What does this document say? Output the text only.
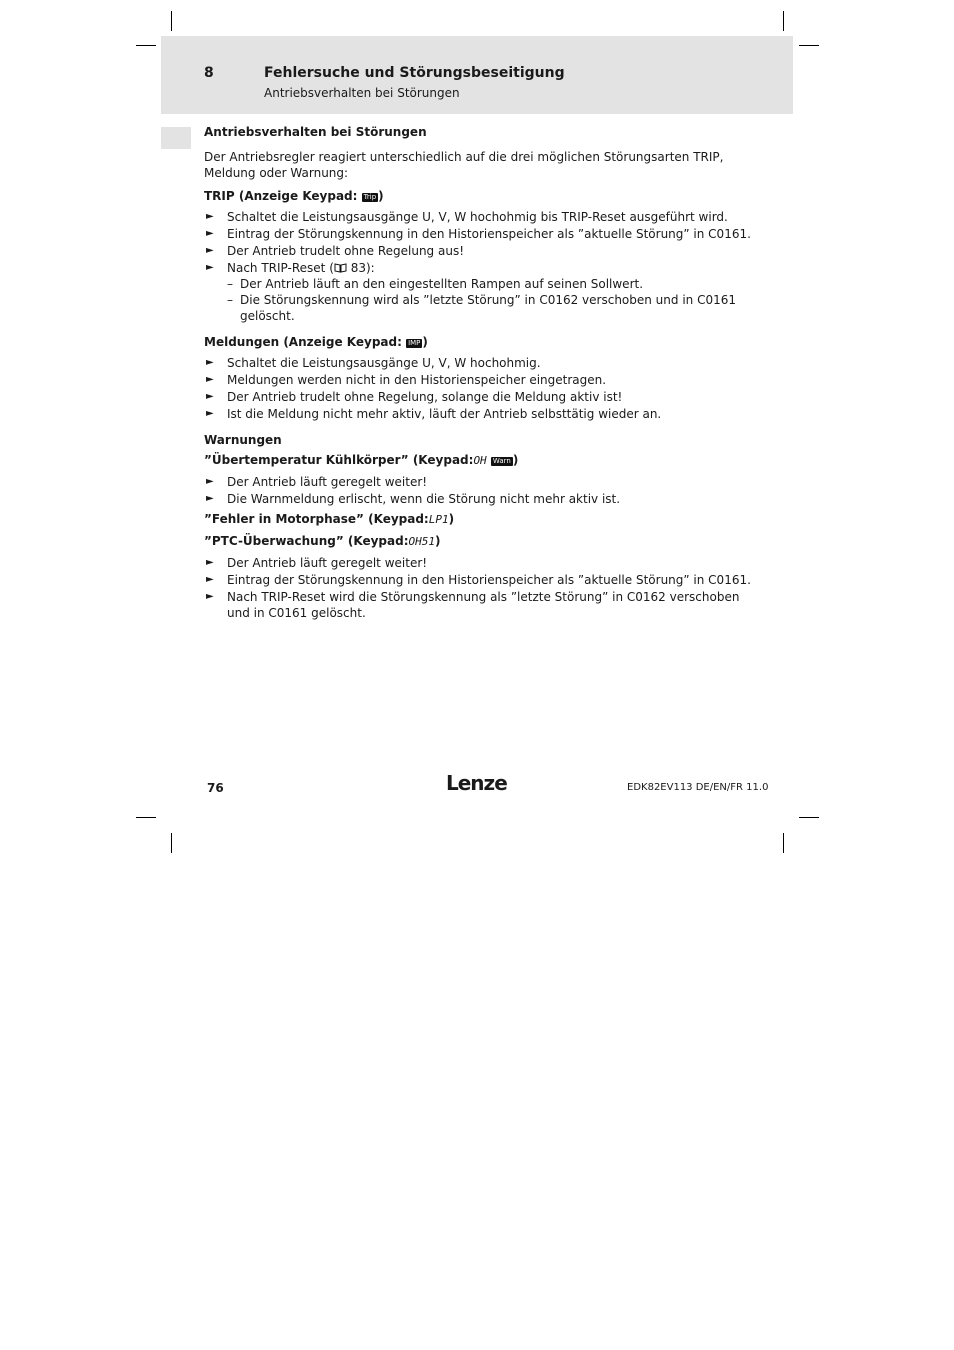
8	Fehlersuche und Störungsbeseitigung
Antriebsverhalten bei Störungen
Antriebsverhalten bei Störungen
Der Antriebsregler reagiert unterschiedlich auf die drei möglichen Störungsarten TRIP, Meldung oder Warnung:
TRIP (Anzeige Keypad: Trip )
► Schaltet die Leistungsausgänge U, V, W hochohmig bis TRIP-Reset ausgeführt wird.
► Eintrag der Störungskennung in den Historienspeicher als ”aktuelle Störung” in C0161.
► Der Antrieb trudelt ohne Regelung aus!
► Nach TRIP-Reset ( 83):
– Der Antrieb läuft an den eingestellten Rampen auf seinen Sollwert.
– Die Störungskennung wird als ”letzte Störung” in C0162 verschoben und in C0161 gelöscht.
Meldungen (Anzeige Keypad: IMP )
► Schaltet die Leistungsausgänge U, V, W hochohmig.
► Meldungen werden nicht in den Historienspeicher eingetragen.
► Der Antrieb trudelt ohne Regelung, solange die Meldung aktiv ist!
► Ist die Meldung nicht mehr aktiv, läuft der Antrieb selbsttätig wieder an.
Warnungen
”Übertemperatur Kühlkörper” (Keypad:OH Warn )
► Der Antrieb läuft geregelt weiter!
► Die Warnmeldung erlischt, wenn die Störung nicht mehr aktiv ist.
”Fehler in Motorphase” (Keypad:LP1)
”PTC-Überwachung” (Keypad:OH51)
► Der Antrieb läuft geregelt weiter!
► Eintrag der Störungskennung in den Historienspeicher als ”aktuelle Störung” in C0161.
► Nach TRIP-Reset wird die Störungskennung als ”letzte Störung” in C0162 verschoben und in C0161 gelöscht.
76	Lenze	EDK82EV113 DE/EN/FR 11.0
